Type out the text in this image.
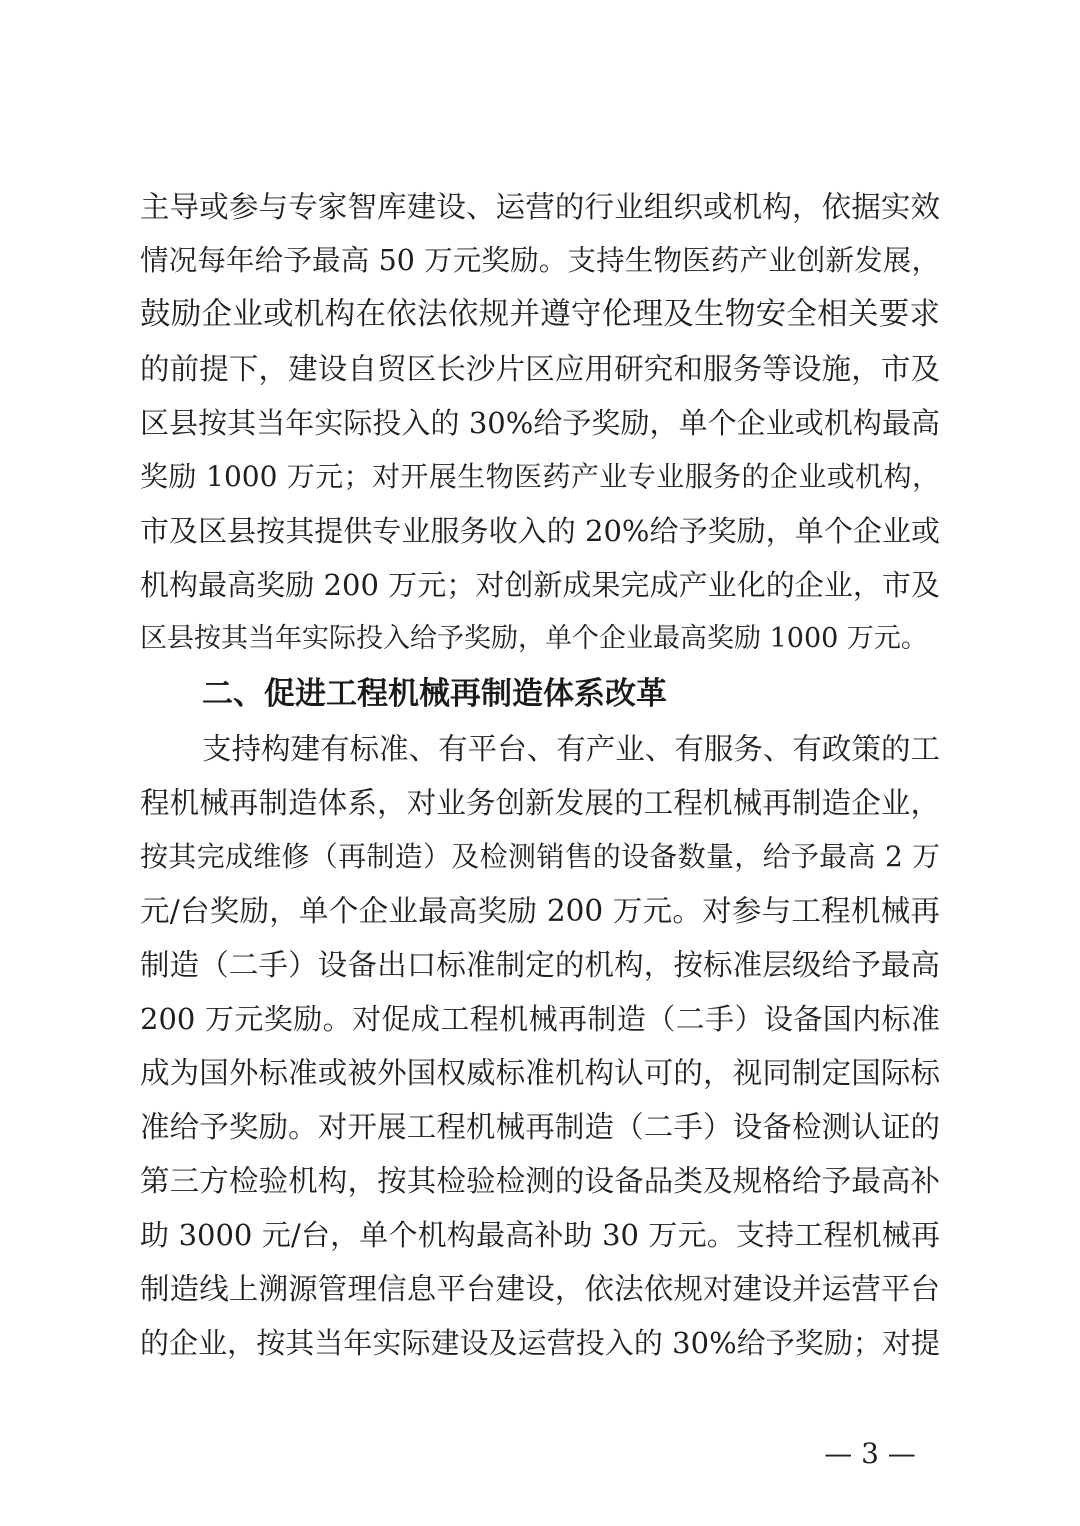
主导或参与专家智库建设、运营的行业组织或机构，依据实效
情况每年给予最高 50 万元奖励。支持生物医药产业创新发展，
鼓励企业或机构在依法依规并遵守伦理及生物安全相关要求
的前提下，建设自贸区长沙片区应用研究和服务等设施，市及
区县按其当年实际投入的 30%给予奖励，单个企业或机构最高
奖励 1000 万元；对开展生物医药产业专业服务的企业或机构，
市及区县按其提供专业服务收入的 20%给予奖励，单个企业或
机构最高奖励 200 万元；对创新成果完成产业化的企业，市及
区县按其当年实际投入给予奖励，单个企业最高奖励 1000 万元。
二、促进工程机械再制造体系改革
支持构建有标准、有平台、有产业、有服务、有政策的工
程机械再制造体系，对业务创新发展的工程机械再制造企业，
按其完成维修（再制造）及检测销售的设备数量，给予最高 2 万
元/台奖励，单个企业最高奖励 200 万元。对参与工程机械再
制造（二手）设备出口标准制定的机构，按标准层级给予最高
200 万元奖励。对促成工程机械再制造（二手）设备国内标准
成为国外标准或被外国权威标准机构认可的，视同制定国际标
准给予奖励。对开展工程机械再制造（二手）设备检测认证的
第三方检验机构，按其检验检测的设备品类及规格给予最高补
助 3000 元/台，单个机构最高补助 30 万元。支持工程机械再
制造线上溯源管理信息平台建设，依法依规对建设并运营平台
的企业，按其当年实际建设及运营投入的 30%给予奖励；对提
— 3 —
